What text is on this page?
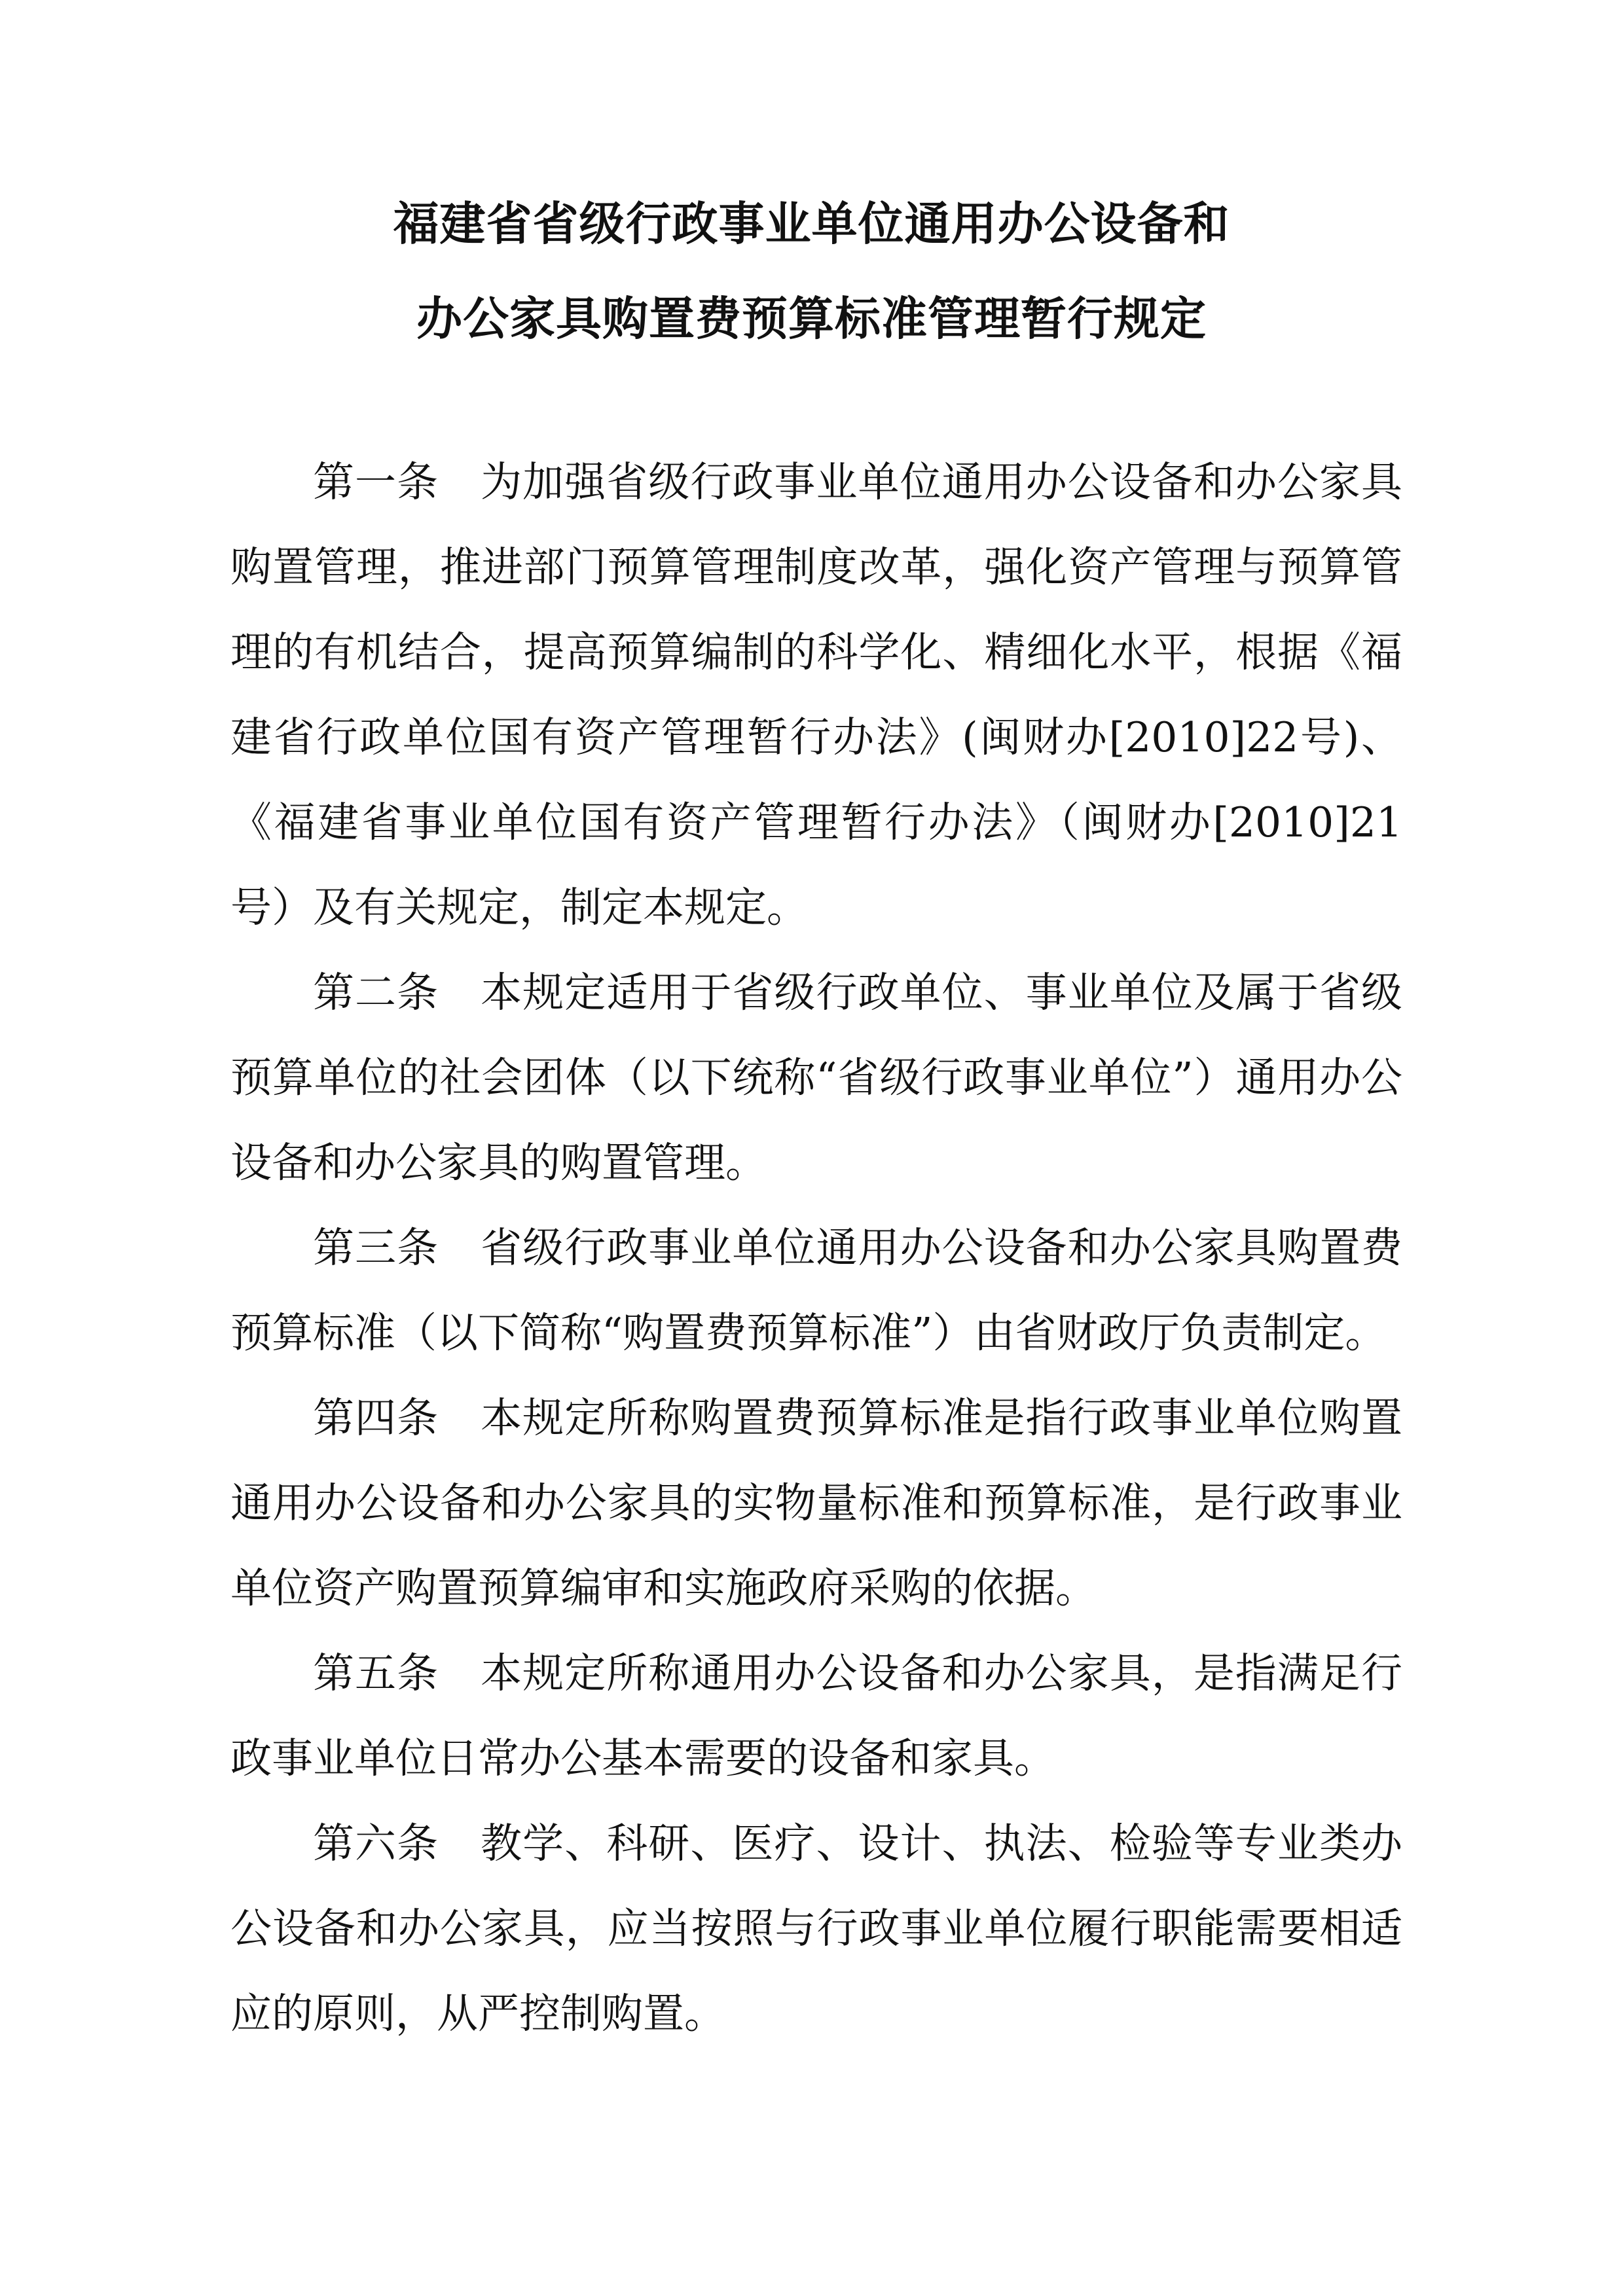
福建省省级行政事业单位通用办公设备和
办公家具购置费预算标准管理暂行规定

第一条 为加强省级行政事业单位通用办公设备和办公家具购置管理，推进部门预算管理制度改革，强化资产管理与预算管理的有机结合，提高预算编制的科学化、精细化水平，根据《福建省行政单位国有资产管理暂行办法》(闽财办[2010]22号)、《福建省事业单位国有资产管理暂行办法》（闽财办[2010]21号）及有关规定，制定本规定。

第二条 本规定适用于省级行政单位、事业单位及属于省级预算单位的社会团体（以下统称“省级行政事业单位”）通用办公设备和办公家具的购置管理。

第三条 省级行政事业单位通用办公设备和办公家具购置费预算标准（以下简称“购置费预算标准”）由省财政厅负责制定。

第四条 本规定所称购置费预算标准是指行政事业单位购置通用办公设备和办公家具的实物量标准和预算标准，是行政事业单位资产购置预算编审和实施政府采购的依据。

第五条 本规定所称通用办公设备和办公家具，是指满足行政事业单位日常办公基本需要的设备和家具。

第六条 教学、科研、医疗、设计、执法、检验等专业类办公设备和办公家具，应当按照与行政事业单位履行职能需要相适应的原则，从严控制购置。
